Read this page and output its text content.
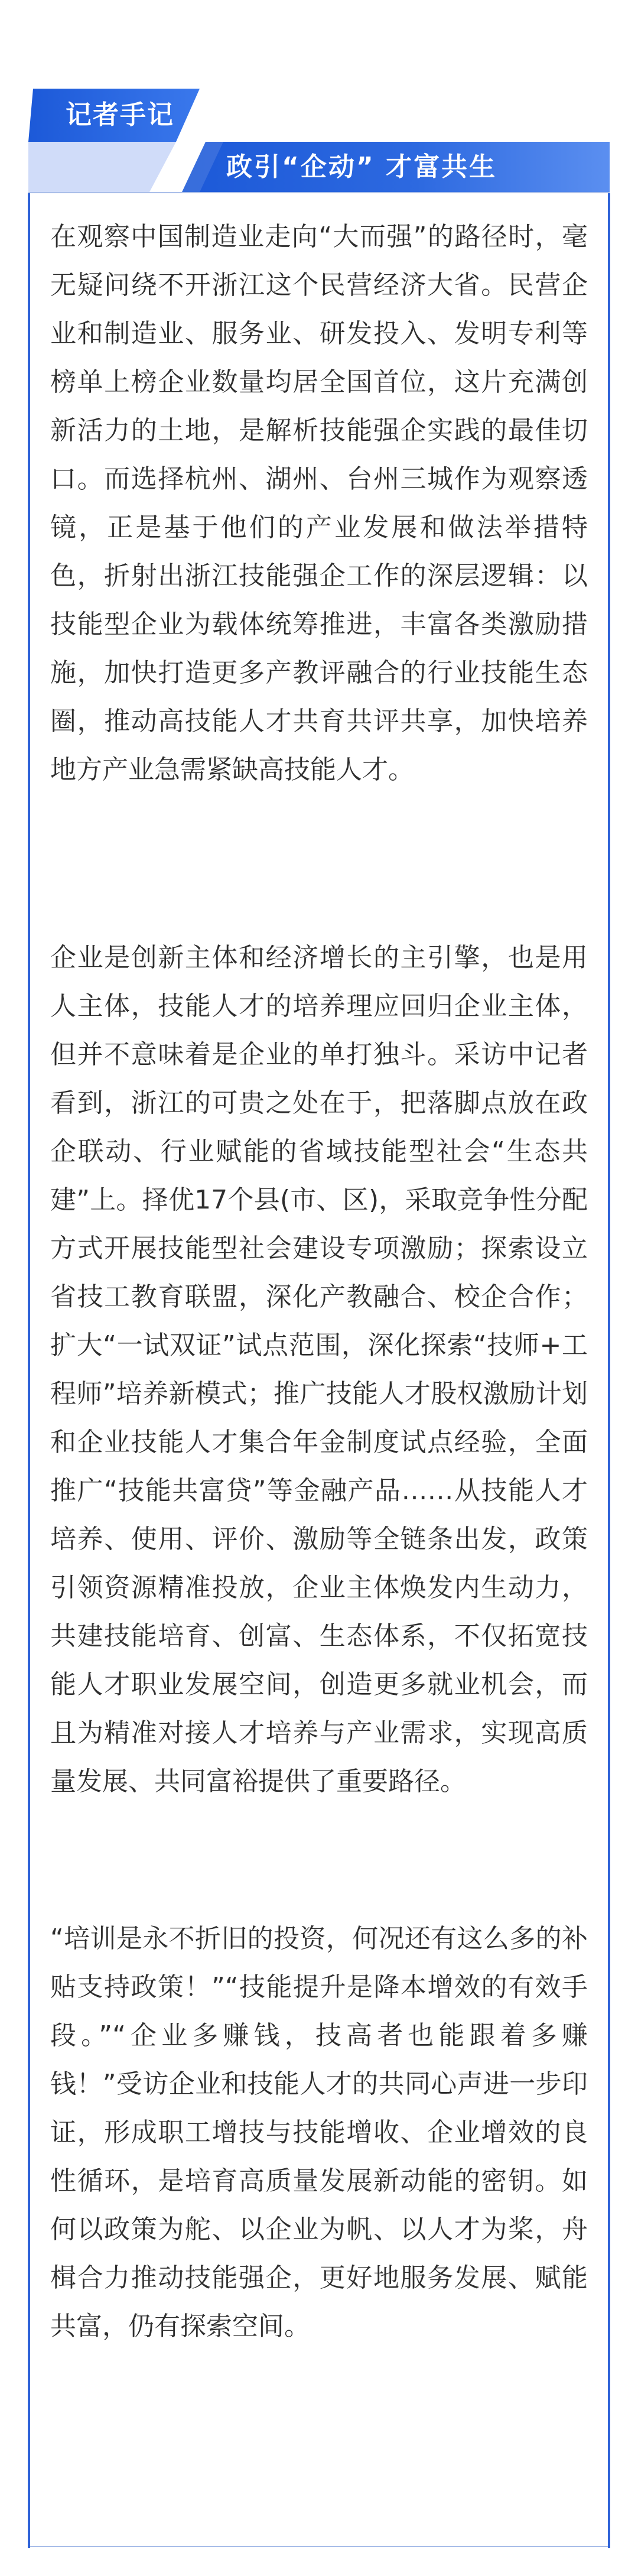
记者手记
政引“企动” 才富共生

在观察中国制造业走向“大而强”的路径时，毫无疑问绕不开浙江这个民营经济大省。民营企业和制造业、服务业、研发投入、发明专利等榜单上榜企业数量均居全国首位，这片充满创新活力的土地，是解析技能强企实践的最佳切口。而选择杭州、湖州、台州三城作为观察透镜，正是基于他们的产业发展和做法举措特色，折射出浙江技能强企工作的深层逻辑：以技能型企业为载体统筹推进，丰富各类激励措施，加快打造更多产教评融合的行业技能生态圈，推动高技能人才共育共评共享，加快培养地方产业急需紧缺高技能人才。

企业是创新主体和经济增长的主引擎，也是用人主体，技能人才的培养理应回归企业主体，但并不意味着是企业的单打独斗。采访中记者看到，浙江的可贵之处在于，把落脚点放在政企联动、行业赋能的省域技能型社会“生态共建”上。择优17个县(市、区)，采取竞争性分配方式开展技能型社会建设专项激励；探索设立省技工教育联盟，深化产教融合、校企合作；扩大“一试双证”试点范围，深化探索“技师+工程师”培养新模式；推广技能人才股权激励计划和企业技能人才集合年金制度试点经验，全面推广“技能共富贷”等金融产品……从技能人才培养、使用、评价、激励等全链条出发，政策引领资源精准投放，企业主体焕发内生动力，共建技能培育、创富、生态体系，不仅拓宽技能人才职业发展空间，创造更多就业机会，而且为精准对接人才培养与产业需求，实现高质量发展、共同富裕提供了重要路径。

“培训是永不折旧的投资，何况还有这么多的补贴支持政策！”“技能提升是降本增效的有效手段。”“企业多赚钱，技高者也能跟着多赚钱！”受访企业和技能人才的共同心声进一步印证，形成职工增技与技能增收、企业增效的良性循环，是培育高质量发展新动能的密钥。如何以政策为舵、以企业为帆、以人才为桨，舟楫合力推动技能强企，更好地服务发展、赋能共富，仍有探索空间。
